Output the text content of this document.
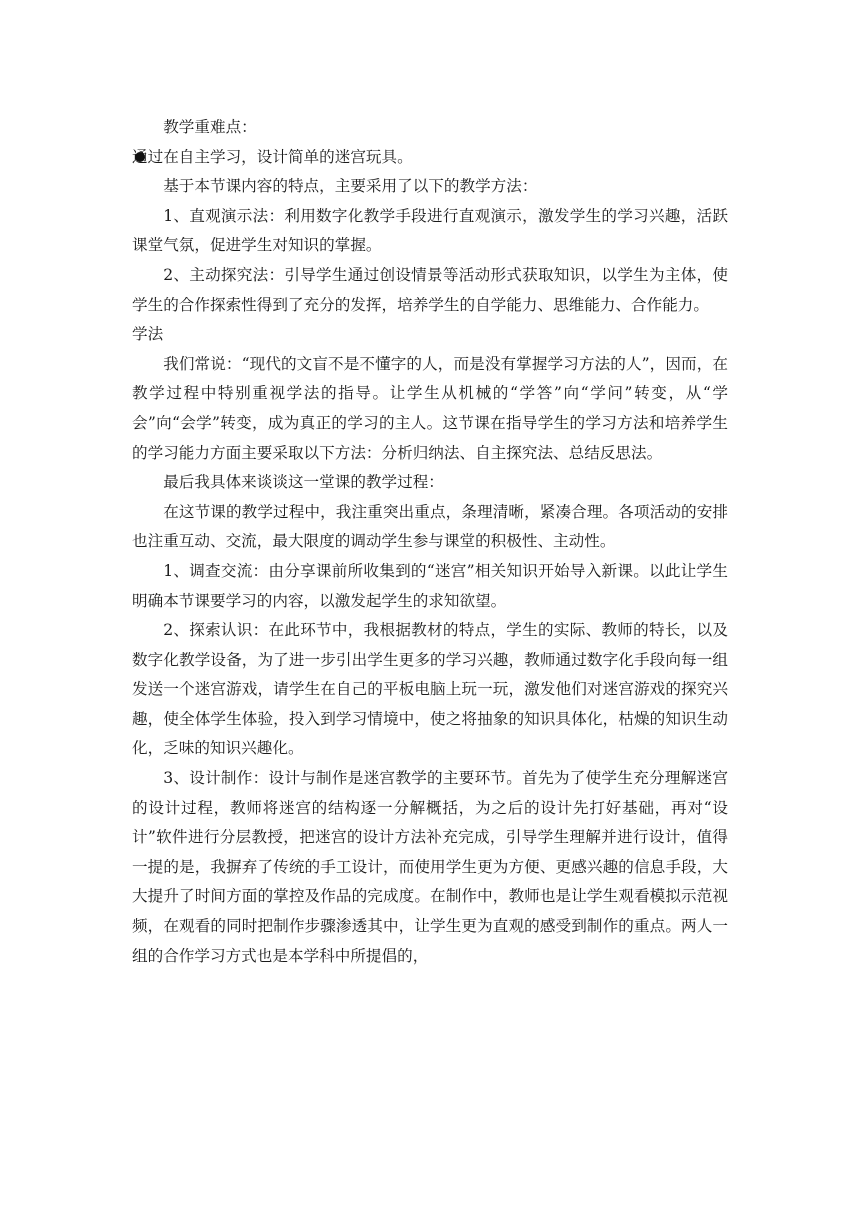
教学重难点：

通过在自主学习，设计简单的迷宫玩具。

基于本节课内容的特点，主要采用了以下的教学方法：

1、直观演示法：利用数字化教学手段进行直观演示，激发学生的学习兴趣，活跃课堂气氛，促进学生对知识的掌握。

2、主动探究法：引导学生通过创设情景等活动形式获取知识，以学生为主体，使学生的合作探索性得到了充分的发挥，培养学生的自学能力、思维能力、合作能力。

学法

我们常说：“现代的文盲不是不懂字的人，而是没有掌握学习方法的人”，因而，在教学过程中特别重视学法的指导。让学生从机械的“学答”向“学问”转变，从“学会”向“会学”转变，成为真正的学习的主人。这节课在指导学生的学习方法和培养学生的学习能力方面主要采取以下方法：分析归纳法、自主探究法、总结反思法。

最后我具体来谈谈这一堂课的教学过程：

在这节课的教学过程中，我注重突出重点，条理清晰，紧凑合理。各项活动的安排也注重互动、交流，最大限度的调动学生参与课堂的积极性、主动性。

1、调查交流：由分享课前所收集到的“迷宫”相关知识开始导入新课。以此让学生明确本节课要学习的内容，以激发起学生的求知欲望。

2、探索认识：在此环节中，我根据教材的特点，学生的实际、教师的特长，以及数字化教学设备，为了进一步引出学生更多的学习兴趣，教师通过数字化手段向每一组发送一个迷宫游戏，请学生在自己的平板电脑上玩一玩，激发他们对迷宫游戏的探究兴趣，使全体学生体验，投入到学习情境中，使之将抽象的知识具体化，枯燥的知识生动化，乏味的知识兴趣化。

3、设计制作：设计与制作是迷宫教学的主要环节。首先为了使学生充分理解迷宫的设计过程，教师将迷宫的结构逐一分解概括，为之后的设计先打好基础，再对“设计”软件进行分层教授，把迷宫的设计方法补充完成，引导学生理解并进行设计，值得一提的是，我摒弃了传统的手工设计，而使用学生更为方便、更感兴趣的信息手段，大大提升了时间方面的掌控及作品的完成度。在制作中，教师也是让学生观看模拟示范视频，在观看的同时把制作步骤渗透其中，让学生更为直观的感受到制作的重点。两人一组的合作学习方式也是本学科中所提倡的，
